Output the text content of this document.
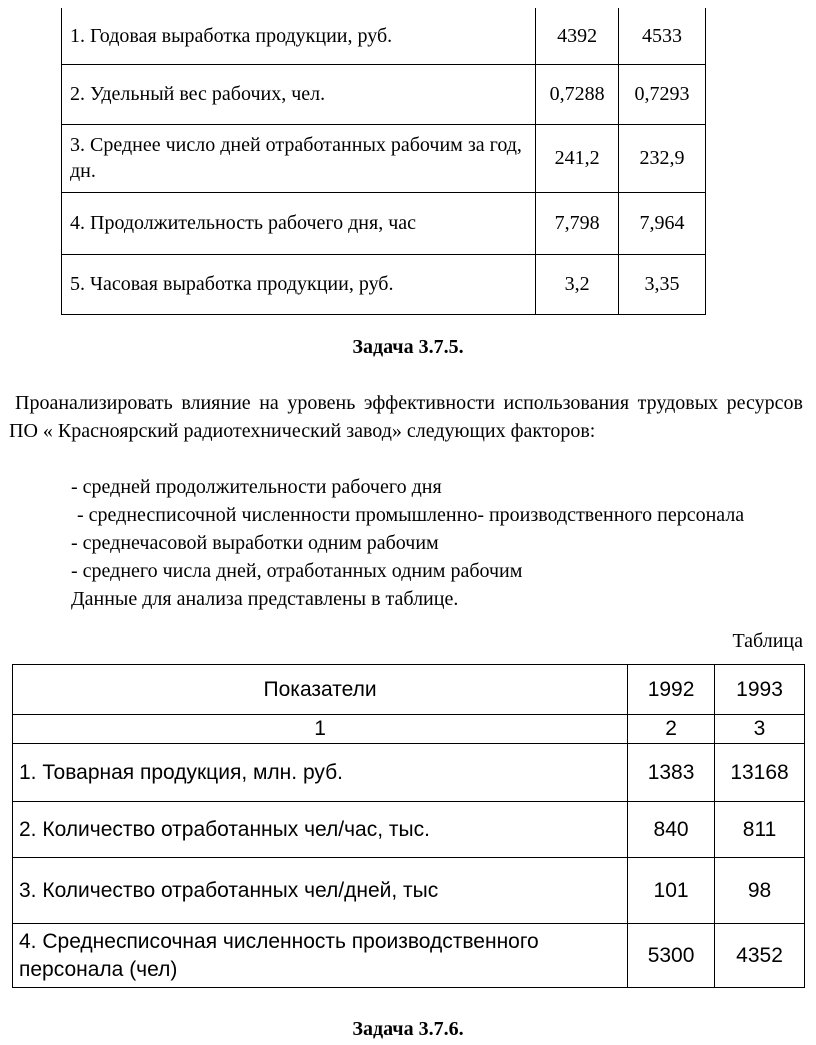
1. Годовая выработка продукции, руб.	4392	4533
2. Удельный вес рабочих, чел.	0,7288	0,7293
3. Среднее число дней отработанных рабочим за год, дн.	241,2	232,9
4. Продолжительность рабочего дня, час	7,798	7,964
5. Часовая выработка продукции, руб.	3,2	3,35
Задача 3.7.5.

Проанализировать влияние на уровень эффективности использования трудовых ресурсов ПО « Красноярский радиотехнический завод» следующих факторов:

- средней продолжительности рабочего дня

- среднесписочной численности промышленно- производственного персонала

- среднечасовой выработки одним рабочим

- среднего числа дней, отработанных одним рабочим

Данные для анализа представлены в таблице.

Таблица
Показатели	1992	1993
1	2	3
1. Товарная продукция, млн. руб.	1383	13168
2. Количество отработанных чел/час, тыс.	840	811
3. Количество отработанных чел/дней, тыс	101	98
4. Среднесписочная численность производственного персонала (чел)	5300	4352
Задача 3.7.6.
